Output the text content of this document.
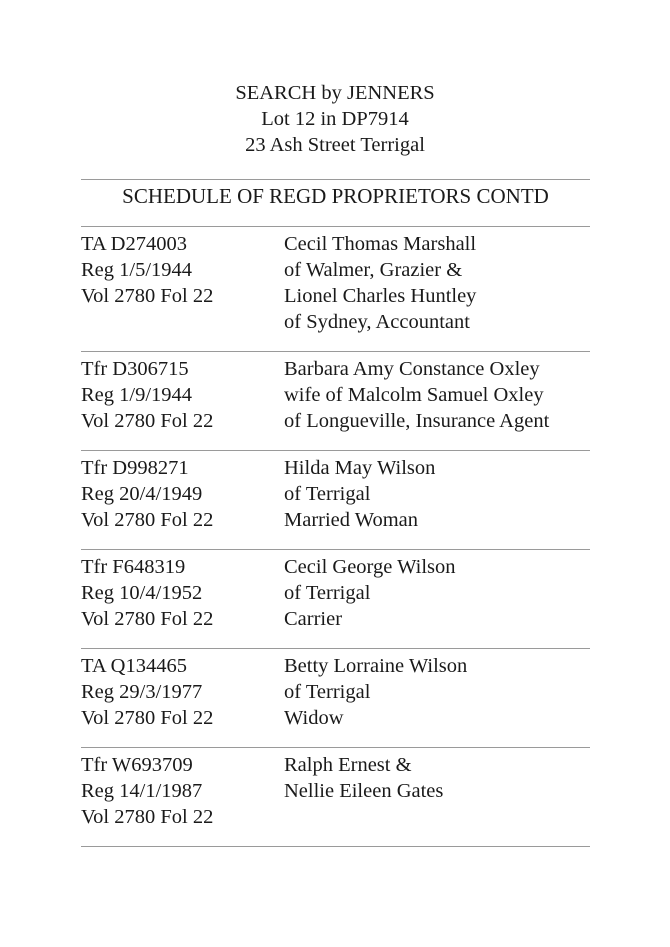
SEARCH by JENNERS
Lot 12 in DP7914
23 Ash Street Terrigal
SCHEDULE OF REGD PROPRIETORS CONTD
TA D274003
Reg 1/5/1944
Vol 2780 Fol 22
Cecil Thomas Marshall
of Walmer, Grazier &
Lionel Charles Huntley
of Sydney, Accountant
Tfr D306715
Reg 1/9/1944
Vol 2780 Fol 22
Barbara Amy Constance Oxley
wife of Malcolm Samuel Oxley
of Longueville, Insurance Agent
Tfr D998271
Reg 20/4/1949
Vol 2780 Fol 22
Hilda May Wilson
of Terrigal
Married Woman
Tfr F648319
Reg 10/4/1952
Vol 2780 Fol 22
Cecil George Wilson
of Terrigal
Carrier
TA Q134465
Reg 29/3/1977
Vol 2780 Fol 22
Betty Lorraine Wilson
of Terrigal
Widow
Tfr W693709
Reg 14/1/1987
Vol 2780 Fol 22
Ralph Ernest &
Nellie Eileen Gates
